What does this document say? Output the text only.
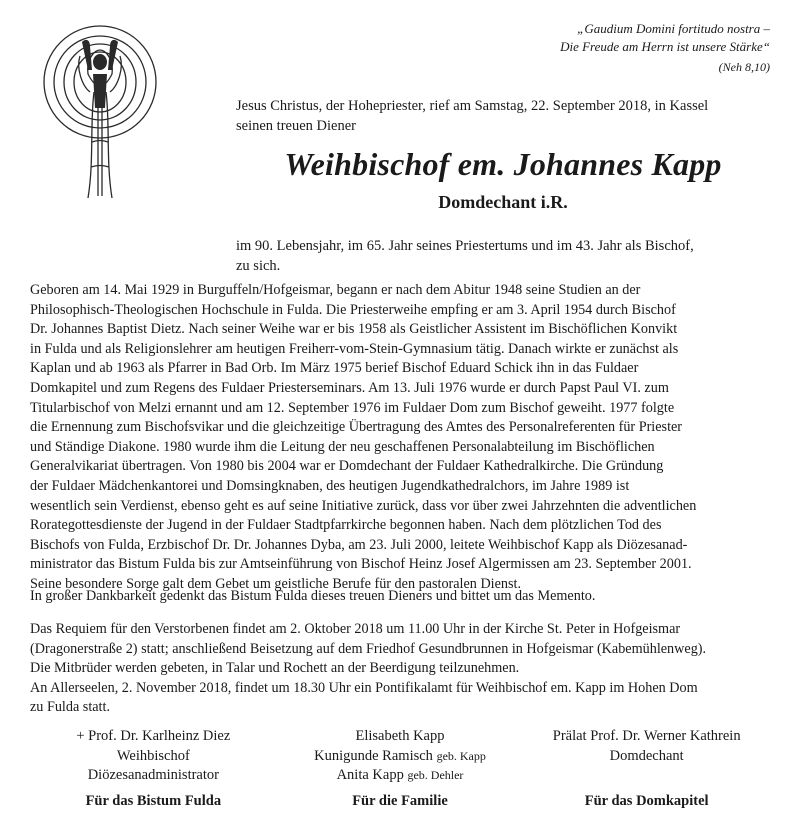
„Gaudium Domini fortitudo nostra –
Die Freude am Herrn ist unsere Stärke“
(Neh 8,10)
Jesus Christus, der Hohepriester, rief am Samstag, 22. September 2018, in Kassel
seinen treuen Diener
Weihbischof em. Johannes Kapp
Domdechant i.R.
im 90. Lebensjahr, im 65. Jahr seines Priestertums und im 43. Jahr als Bischof,
zu sich.

Geboren am 14. Mai 1929 in Burguffeln/Hofgeismar, begann er nach dem Abitur 1948 seine Studien an der

Philosophisch-Theologischen Hochschule in Fulda. Die Priesterweihe empfing er am 3. April 1954 durch Bischof

Dr. Johannes Baptist Dietz. Nach seiner Weihe war er bis 1958 als Geistlicher Assistent im Bischöflichen Konvikt

in Fulda und als Religionslehrer am heutigen Freiherr-vom-Stein-Gymnasium tätig. Danach wirkte er zunächst als

Kaplan und ab 1963 als Pfarrer in Bad Orb. Im März 1975 berief Bischof Eduard Schick ihn in das Fuldaer

Domkapitel und zum Regens des Fuldaer Priesterseminars. Am 13. Juli 1976 wurde er durch Papst Paul VI. zum

Titularbischof von Melzi ernannt und am 12. September 1976 im Fuldaer Dom zum Bischof geweiht. 1977 folgte

die Ernennung zum Bischofsvikar und die gleichzeitige Übertragung des Amtes des Personalreferenten für Priester

und Ständige Diakone. 1980 wurde ihm die Leitung der neu geschaffenen Personalabteilung im Bischöflichen

Generalvikariat übertragen. Von 1980 bis 2004 war er Domdechant der Fuldaer Kathedralkirche. Die Gründung

der Fuldaer Mädchenkantorei und Domsingknaben, des heutigen Jugendkathedralchors, im Jahre 1989 ist

wesentlich sein Verdienst, ebenso geht es auf seine Initiative zurück, dass vor über zwei Jahrzehnten die adventlichen

Rorategottesdienste der Jugend in der Fuldaer Stadtpfarrkirche begonnen haben. Nach dem plötzlichen Tod des

Bischofs von Fulda, Erzbischof Dr. Dr. Johannes Dyba, am 23. Juli 2000, leitete Weihbischof Kapp als Diözesanad-

ministrator das Bistum Fulda bis zur Amtseinführung von Bischof Heinz Josef Algermissen am 23. September 2001.

Seine besondere Sorge galt dem Gebet um geistliche Berufe für den pastoralen Dienst.

In großer Dankbarkeit gedenkt das Bistum Fulda dieses treuen Dieners und bittet um das Memento.

Das Requiem für den Verstorbenen findet am 2. Oktober 2018 um 11.00 Uhr in der Kirche St. Peter in Hofgeismar

(Dragonerstraße 2) statt; anschließend Beisetzung auf dem Friedhof Gesundbrunnen in Hofgeismar (Kabemühlenweg).

Die Mitbrüder werden gebeten, in Talar und Rochett an der Beerdigung teilzunehmen.

An Allerseelen, 2. November 2018, findet um 18.30 Uhr ein Pontifikalamt für Weihbischof em. Kapp im Hohen Dom

zu Fulda statt.

+ Prof. Dr. Karlheinz Diez
Weihbischof
Diözesanadministrator
Elisabeth Kapp
Kunigunde Ramisch geb. Kapp
Anita Kapp geb. Dehler
Prälat Prof. Dr. Werner Kathrein
Domdechant
Für das Bistum Fulda	Für die Familie	Für das Domkapitel
